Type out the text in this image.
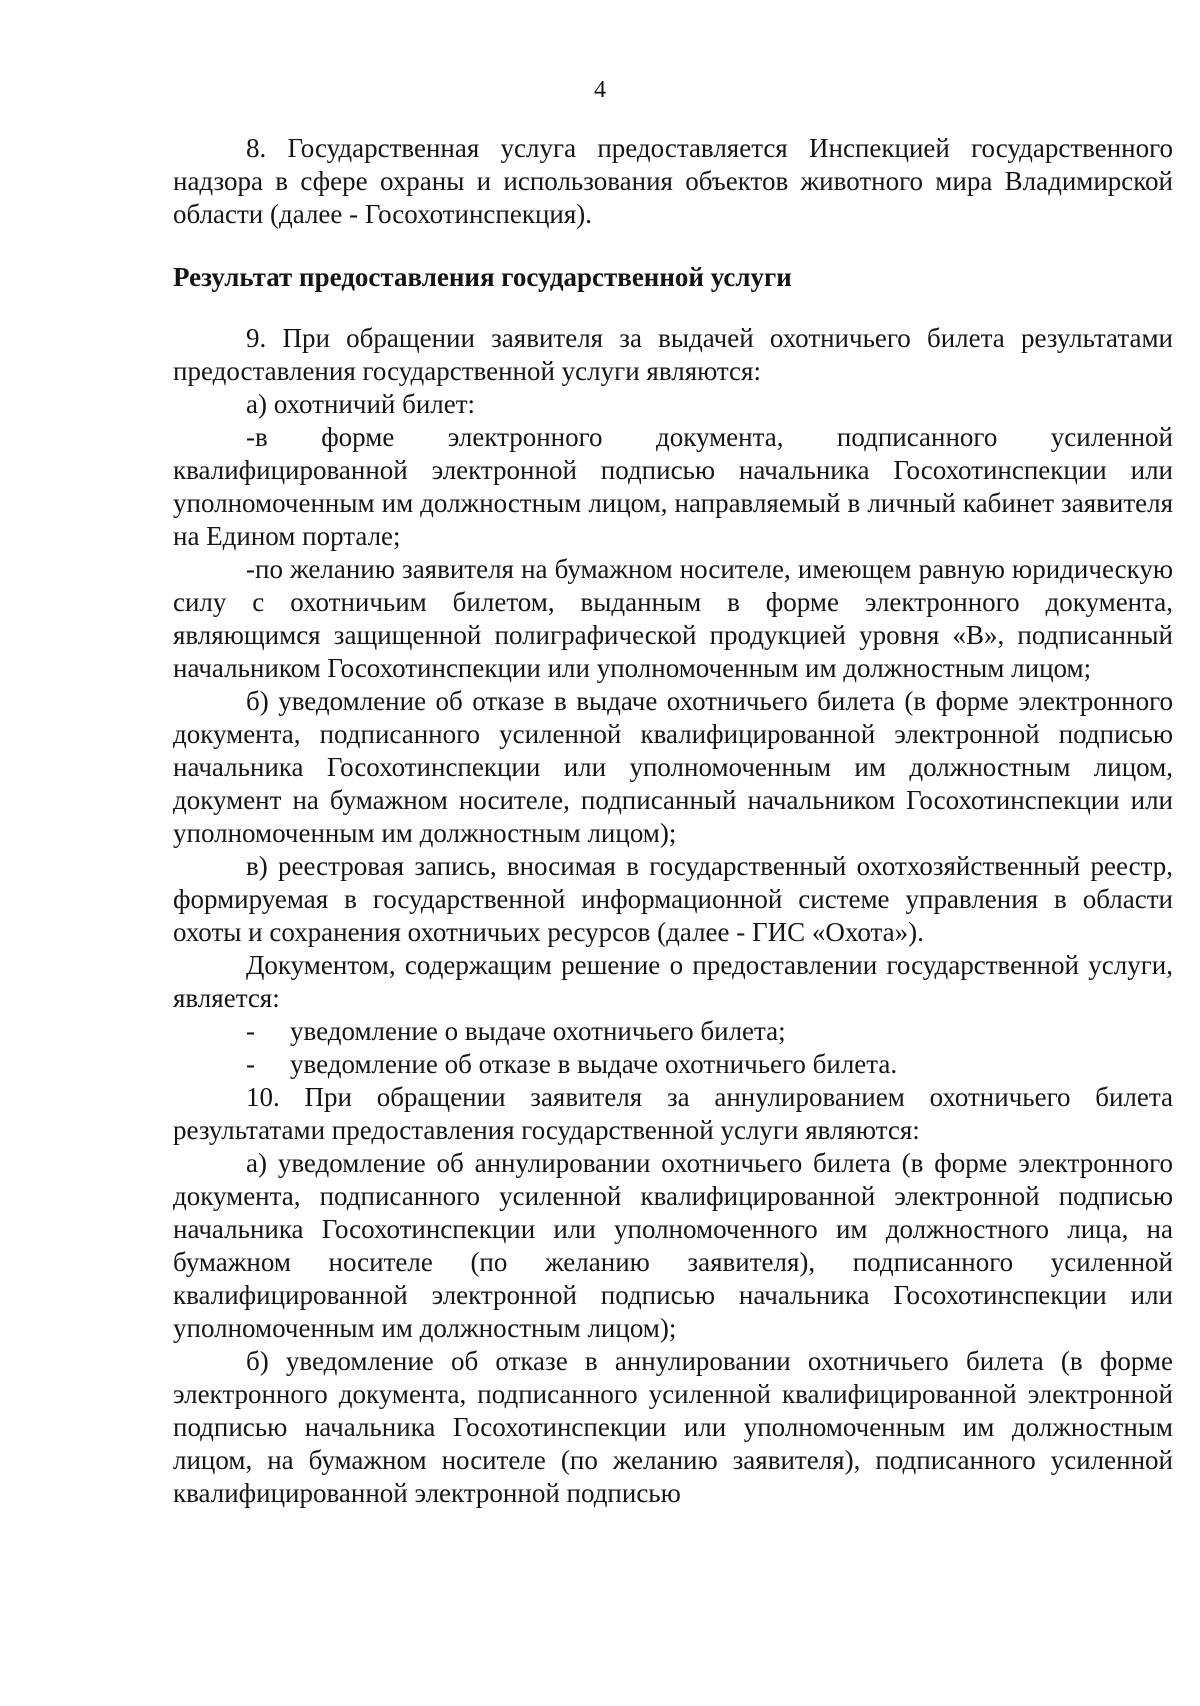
4

8. Государственная услуга предоставляется Инспекцией государственного надзора в сфере охраны и использования объектов животного мира Владимирской области (далее - Госохотинспекция).

Результат предоставления государственной услуги

9. При обращении заявителя за выдачей охотничьего билета результатами предоставления государственной услуги являются:

а) охотничий билет:

-в форме электронного документа, подписанного усиленной квалифицированной электронной подписью начальника Госохотинспекции или уполномоченным им должностным лицом, направляемый в личный кабинет заявителя на Едином портале;

-по желанию заявителя на бумажном носителе, имеющем равную юридическую силу с охотничьим билетом, выданным в форме электронного документа, являющимся защищенной полиграфической продукцией уровня «В», подписанный начальником Госохотинспекции или уполномоченным им должностным лицом;

б) уведомление об отказе в выдаче охотничьего билета (в форме электронного документа, подписанного усиленной квалифицированной электронной подписью начальника Госохотинспекции или уполномоченным им должностным лицом, документ на бумажном носителе, подписанный начальником Госохотинспекции или уполномоченным им должностным лицом);

в) реестровая запись, вносимая в государственный охотхозяйственный реестр, формируемая в государственной информационной системе управления в области охоты и сохранения охотничьих ресурсов (далее - ГИС «Охота»).

Документом, содержащим решение о предоставлении государственной услуги, является:

- уведомление о выдаче охотничьего билета;

- уведомление об отказе в выдаче охотничьего билета.

10. При обращении заявителя за аннулированием охотничьего билета результатами предоставления государственной услуги являются:

а) уведомление об аннулировании охотничьего билета (в форме электронного документа, подписанного усиленной квалифицированной электронной подписью начальника Госохотинспекции или уполномоченного им должностного лица, на бумажном носителе (по желанию заявителя), подписанного усиленной квалифицированной электронной подписью начальника Госохотинспекции или уполномоченным им должностным лицом);

б) уведомление об отказе в аннулировании охотничьего билета (в форме электронного документа, подписанного усиленной квалифицированной электронной подписью начальника Госохотинспекции или уполномоченным им должностным лицом, на бумажном носителе (по желанию заявителя), подписанного усиленной квалифицированной электронной подписью
